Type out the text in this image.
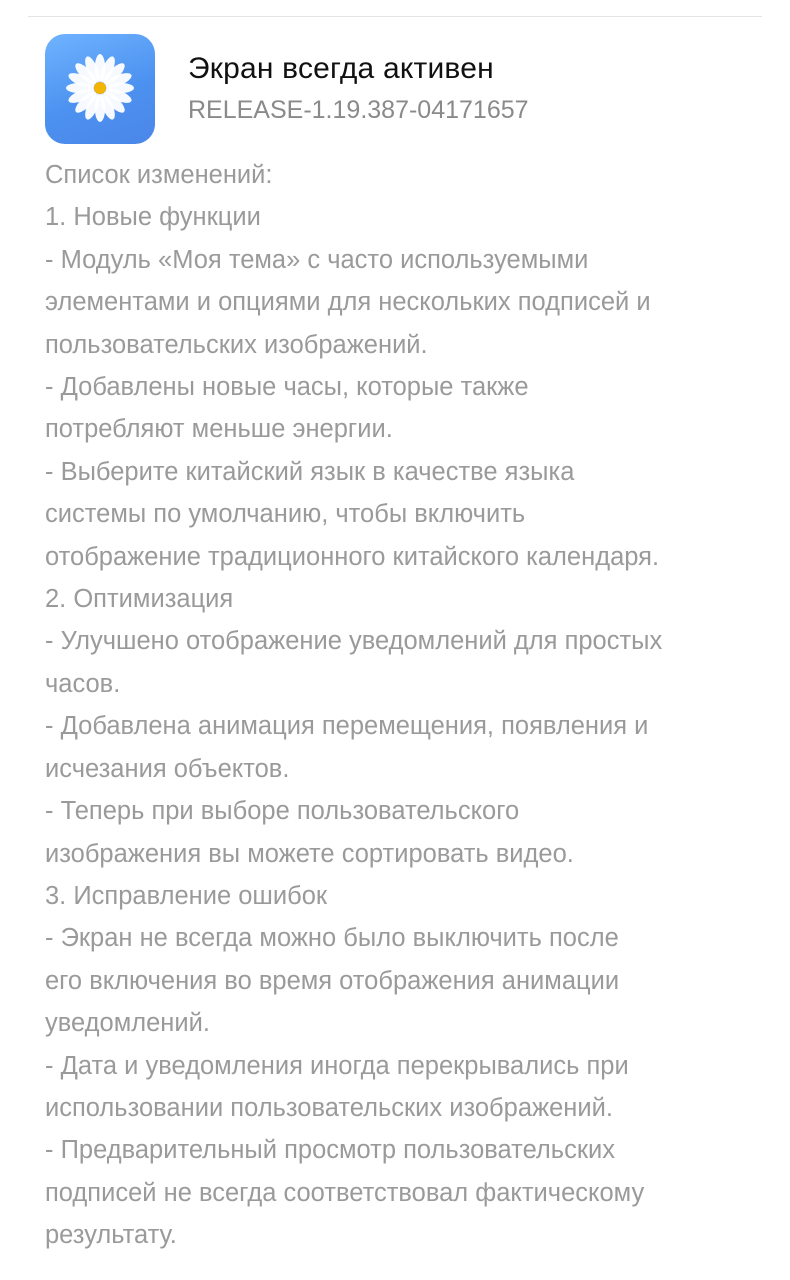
Экран всегда активен
RELEASE-1.19.387-04171657
Список изменений:
1. Новые функции
- Модуль «Моя тема» с часто используемыми
элементами и опциями для нескольких подписей и
пользовательских изображений.
- Добавлены новые часы, которые также
потребляют меньше энергии.
- Выберите китайский язык в качестве языка
системы по умолчанию, чтобы включить
отображение традиционного китайского календаря.
2. Оптимизация
- Улучшено отображение уведомлений для простых
часов.
- Добавлена анимация перемещения, появления и
исчезания объектов.
- Теперь при выборе пользовательского
изображения вы можете сортировать видео.
3. Исправление ошибок
- Экран не всегда можно было выключить после
его включения во время отображения анимации
уведомлений.
- Дата и уведомления иногда перекрывались при
использовании пользовательских изображений.
- Предварительный просмотр пользовательских
подписей не всегда соответствовал фактическому
результату.
